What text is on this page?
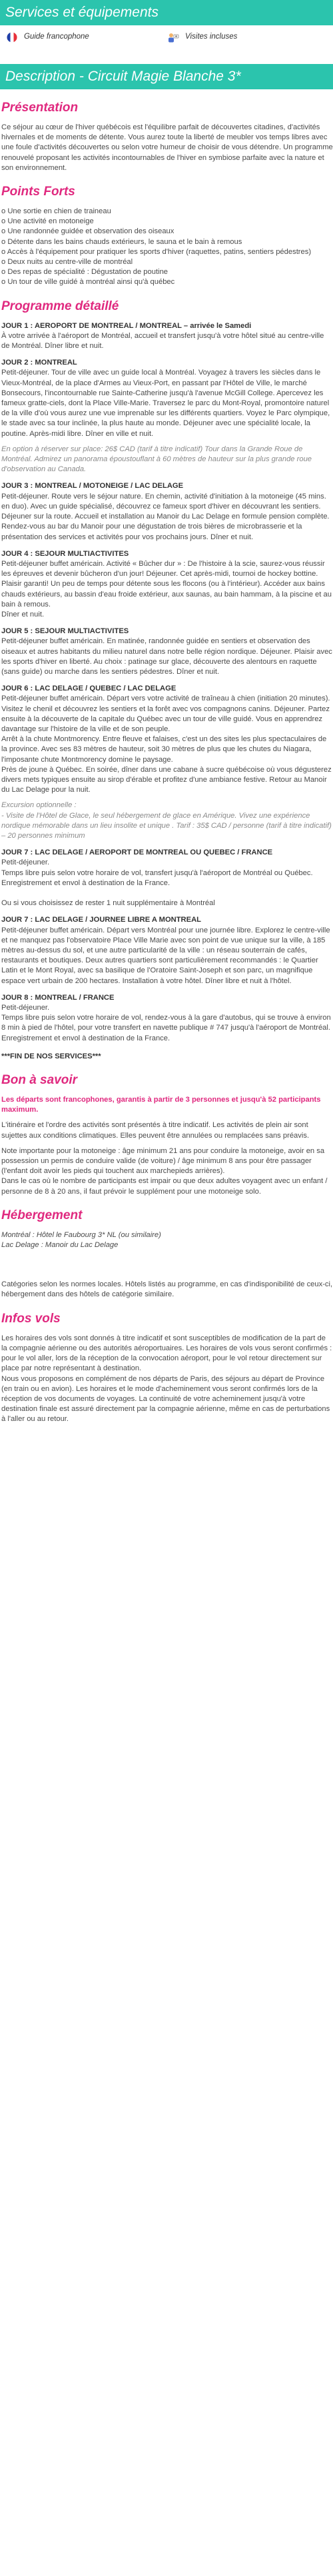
Services et équipements
Guide francophone	Visites incluses
Description - Circuit Magie Blanche 3*
Présentation

Ce séjour au cœur de l'hiver québécois est l'équilibre parfait de découvertes citadines, d'activités hivernales et de moments de détente. Vous aurez toute la liberté de meubler vos temps libres avec une foule d'activités découvertes ou selon votre humeur de choisir de vous détendre. Un programme renouvelé proposant les activités incontournables de l'hiver en symbiose parfaite avec la nature et son environnement.

Points Forts
o Une sortie en chien de traineau
o Une activité en motoneige
o Une randonnée guidée et observation des oiseaux
o Détente dans les bains chauds extérieurs, le sauna et le bain à remous
o Accès à l'équipement pour pratiquer les sports d'hiver (raquettes, patins, sentiers pédestres)
o Deux nuits au centre-ville de montréal
o Des repas de spécialité : Dégustation de poutine
o Un tour de ville guidé à montréal ainsi qu'à québec
Programme détaillé
JOUR 1 : AEROPORT DE MONTREAL / MONTREAL – arrivée le Samedi

À votre arrivée à l'aéroport de Montréal, accueil et transfert jusqu'à votre hôtel situé au centre-ville de Montréal. Dîner libre et nuit.

JOUR 2 : MONTREAL

Petit-déjeuner. Tour de ville avec un guide local à Montréal. Voyagez à travers les siècles dans le Vieux-Montréal, de la place d'Armes au Vieux-Port, en passant par l'Hôtel de Ville, le marché Bonsecours, l'incontournable rue Sainte-Catherine jusqu'à l'avenue McGill College. Apercevez les fameux gratte-ciels, dont la Place Ville-Marie. Traversez le parc du Mont-Royal, promontoire naturel de la ville d'où vous aurez une vue imprenable sur les différents quartiers. Voyez le Parc olympique, le stade avec sa tour inclinée, la plus haute au monde. Déjeuner avec une spécialité locale, la poutine. Après-midi libre. Dîner en ville et nuit.

En option à réserver sur place: 26$ CAD (tarif à titre indicatif) Tour dans la Grande Roue de Montréal. Admirez un panorama époustouflant à 60 mètres de hauteur sur la plus grande roue d'observation au Canada.

JOUR 3 : MONTREAL / MOTONEIGE / LAC DELAGE

Petit-déjeuner. Route vers le séjour nature. En chemin, activité d'initiation à la motoneige (45 mins. en duo). Avec un guide spécialisé, découvrez ce fameux sport d'hiver en découvrant les sentiers. Déjeuner sur la route. Accueil et installation au Manoir du Lac Delage en formule pension complète. Rendez-vous au bar du Manoir pour une dégustation de trois bières de microbrasserie et la présentation des services et activités pour vos prochains jours. Dîner et nuit.

JOUR 4 : SEJOUR MULTIACTIVITES

Petit-déjeuner buffet américain. Activité « Bûcher dur » : De l'histoire à la scie, saurez-vous réussir les épreuves et devenir bûcheron d'un jour! Déjeuner. Cet après-midi, tournoi de hockey bottine. Plaisir garanti! Un peu de temps pour détente sous les flocons (ou à l'intérieur). Accéder aux bains chauds extérieurs, au bassin d'eau froide extérieur, aux saunas, au bain hammam, à la piscine et au bain à remous.
Dîner et nuit.

JOUR 5 : SEJOUR MULTIACTIVITES

Petit-déjeuner buffet américain. En matinée, randonnée guidée en sentiers et observation des oiseaux et autres habitants du milieu naturel dans notre belle région nordique. Déjeuner. Plaisir avec les sports d'hiver en liberté. Au choix : patinage sur glace, découverte des alentours en raquette (sans guide) ou marche dans les sentiers pédestres. Dîner et nuit.

JOUR 6 : LAC DELAGE / QUEBEC / LAC DELAGE

Petit-déjeuner buffet américain. Départ vers votre activité de traîneau à chien (initiation 20 minutes). Visitez le chenil et découvrez les sentiers et la forêt avec vos compagnons canins. Déjeuner. Partez ensuite à la découverte de la capitale du Québec avec un tour de ville guidé. Vous en apprendrez davantage sur l'histoire de la ville et de son peuple.
Arrêt à la chute Montmorency. Entre fleuve et falaises, c'est un des sites les plus spectaculaires de la province. Avec ses 83 mètres de hauteur, soit 30 mètres de plus que les chutes du Niagara, l'imposante chute Montmorency domine le paysage.
Près de joune à Québec. En soirée, dîner dans une cabane à sucre québécoise où vous dégusterez divers mets typiques ensuite au sirop d'érable et profitez d'une ambiance festive. Retour au Manoir du Lac Delage pour la nuit.

Excursion optionnelle :
- Visite de l'Hôtel de Glace, le seul hébergement de glace en Amérique. Vivez une expérience nordique mémorable dans un lieu insolite et unique . Tarif : 35$ CAD / personne (tarif à titre indicatif) – 20 personnes minimum

JOUR 7 : LAC DELAGE / AEROPORT DE MONTREAL OU QUEBEC / FRANCE

Petit-déjeuner.
Temps libre puis selon votre horaire de vol, transfert jusqu'à l'aéroport de Montréal ou Québec. Enregistrement et envol à destination de la France.

Ou si vous choisissez de rester 1 nuit supplémentaire à Montréal

JOUR 7 : LAC DELAGE / JOURNEE LIBRE A MONTREAL

Petit-déjeuner buffet américain. Départ vers Montréal pour une journée libre. Explorez le centre-ville et ne manquez pas l'observatoire Place Ville Marie avec son point de vue unique sur la ville, à 185 mètres au-dessus du sol, et une autre particularité de la ville : un réseau souterrain de cafés, restaurants et boutiques. Deux autres quartiers sont particulièrement recommandés : le Quartier Latin et le Mont Royal, avec sa basilique de l'Oratoire Saint-Joseph et son parc, un magnifique espace vert urbain de 200 hectares. Installation à votre hôtel. Dîner libre et nuit à l'hôtel.

JOUR 8 : MONTREAL / FRANCE

Petit-déjeuner.
Temps libre puis selon votre horaire de vol, rendez-vous à la gare d'autobus, qui se trouve à environ 8 min à pied de l'hôtel, pour votre transfert en navette publique # 747 jusqu'à l'aéroport de Montréal. Enregistrement et envol à destination de la France.

***FIN DE NOS SERVICES***
Bon à savoir

Les départs sont francophones, garantis à partir de 3 personnes et jusqu'à 52 participants maximum.

L'itinéraire et l'ordre des activités sont présentés à titre indicatif. Les activités de plein air sont sujettes aux conditions climatiques. Elles peuvent être annulées ou remplacées sans préavis.

Note importante pour la motoneige : âge minimum 21 ans pour conduire la motoneige, avoir en sa possession un permis de conduire valide (de voiture) / âge minimum 8 ans pour être passager (l'enfant doit avoir les pieds qui touchent aux marchepieds arrières).
Dans le cas où le nombre de participants est impair ou que deux adultes voyagent avec un enfant / personne de 8 à 20 ans, il faut prévoir le supplément pour une motoneige solo.

Hébergement
Montréal : Hôtel le Faubourg 3* NL (ou similaire)
Lac Delage : Manoir du Lac Delage

Catégories selon les normes locales. Hôtels listés au programme, en cas d'indisponibilité de ceux-ci, hébergement dans des hôtels de catégorie similaire.

Infos vols

Les horaires des vols sont donnés à titre indicatif et sont susceptibles de modification de la part de la compagnie aérienne ou des autorités aéroportuaires. Les horaires de vols vous seront confirmés : pour le vol aller, lors de la réception de la convocation aéroport, pour le vol retour directement sur place par notre représentant à destination.
Nous vous proposons en complément de nos départs de Paris, des séjours au départ de Province (en train ou en avion). Les horaires et le mode d'acheminement vous seront confirmés lors de la réception de vos documents de voyages. La continuité de votre acheminement jusqu'à votre destination finale est assuré directement par la compagnie aérienne, même en cas de perturbations à l'aller ou au retour.
